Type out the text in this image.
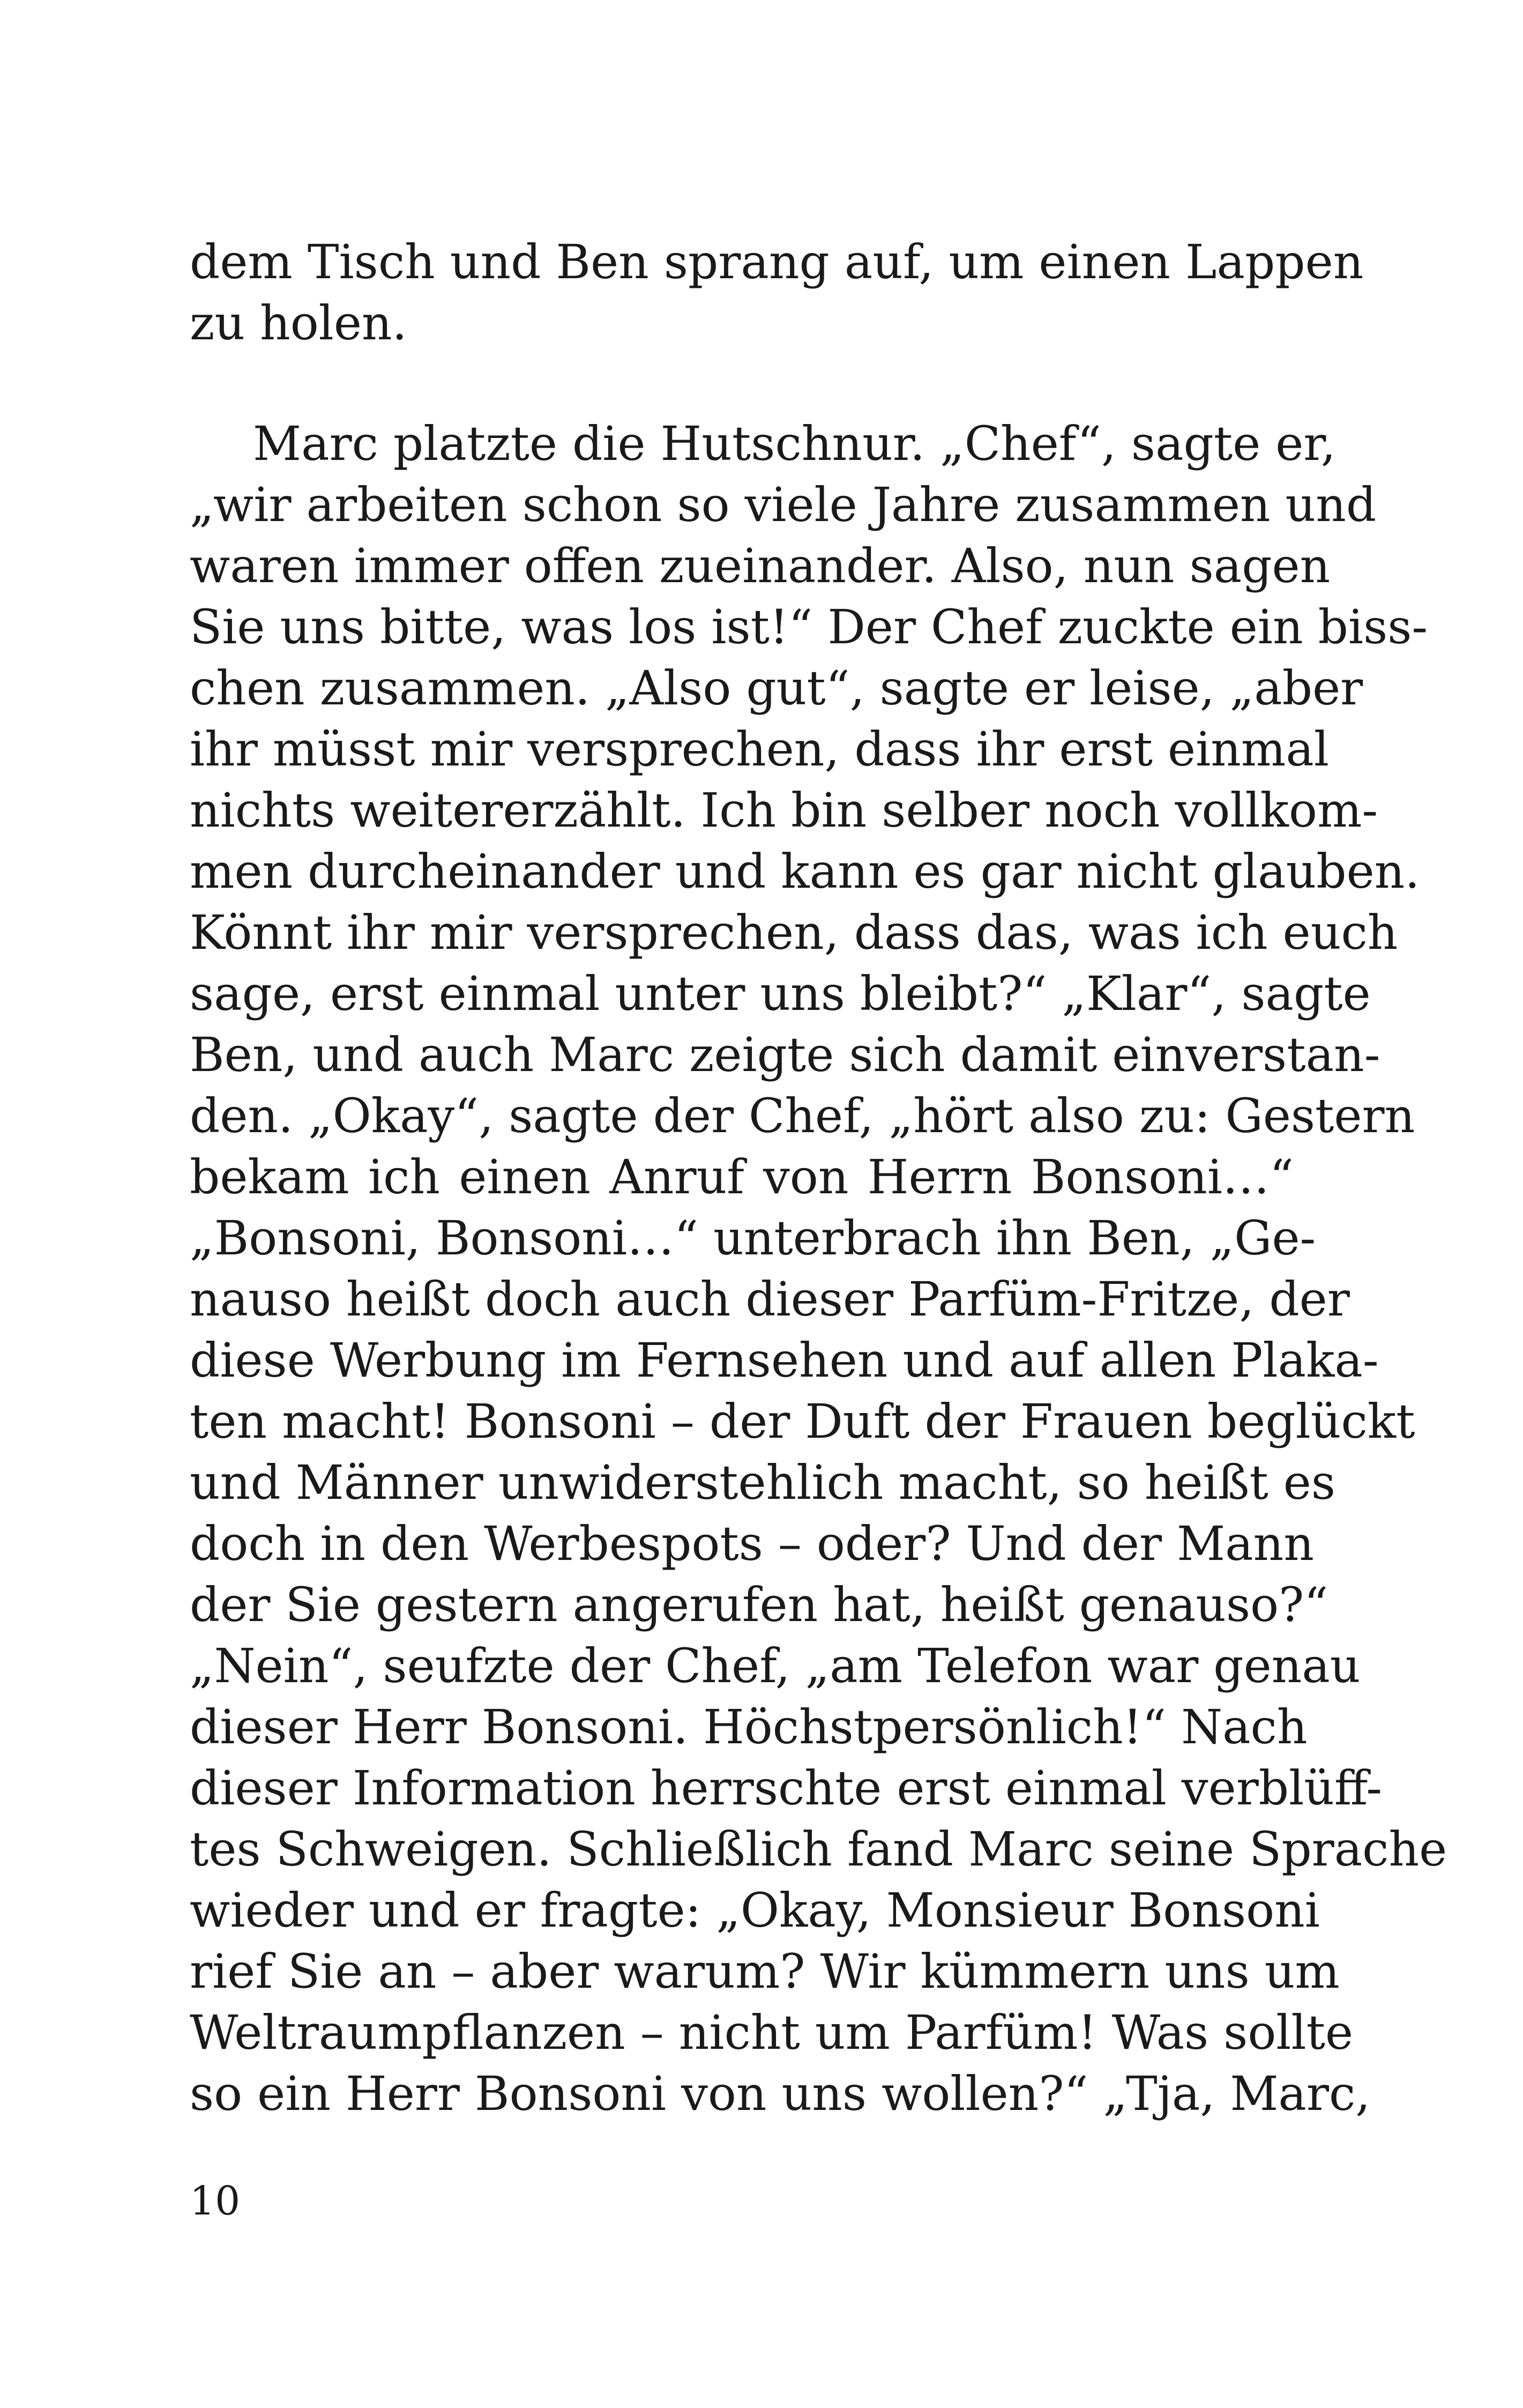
dem Tisch und Ben sprang auf, um einen Lappen
zu holen.
Marc platzte die Hutschnur. „Chef“, sagte er,
„wir arbeiten schon so viele Jahre zusammen und
waren immer offen zueinander. Also, nun sagen
Sie uns bitte, was los ist!“ Der Chef zuckte ein biss-
chen zusammen. „Also gut“, sagte er leise, „aber
ihr müsst mir versprechen, dass ihr erst einmal
nichts weitererzählt. Ich bin selber noch vollkom-
men durcheinander und kann es gar nicht glauben.
Könnt ihr mir versprechen, dass das, was ich euch
sage, erst einmal unter uns bleibt?“ „Klar“, sagte
Ben, und auch Marc zeigte sich damit einverstan-
den. „Okay“, sagte der Chef, „hört also zu: Gestern
bekam ich einen Anruf von Herrn Bonsoni…“
„Bonsoni, Bonsoni…“ unterbrach ihn Ben, „Ge-
nauso heißt doch auch dieser Parfüm-Fritze, der
diese Werbung im Fernsehen und auf allen Plaka-
ten macht! Bonsoni – der Duft der Frauen beglückt
und Männer unwiderstehlich macht, so heißt es
doch in den Werbespots – oder? Und der Mann
der Sie gestern angerufen hat, heißt genauso?“
„Nein“, seufzte der Chef, „am Telefon war genau
dieser Herr Bonsoni. Höchstpersönlich!“ Nach
dieser Information herrschte erst einmal verblüff-
tes Schweigen. Schließlich fand Marc seine Sprache
wieder und er fragte: „Okay, Monsieur Bonsoni
rief Sie an – aber warum? Wir kümmern uns um
Weltraumpflanzen – nicht um Parfüm! Was sollte
so ein Herr Bonsoni von uns wollen?“ „Tja, Marc,
10
